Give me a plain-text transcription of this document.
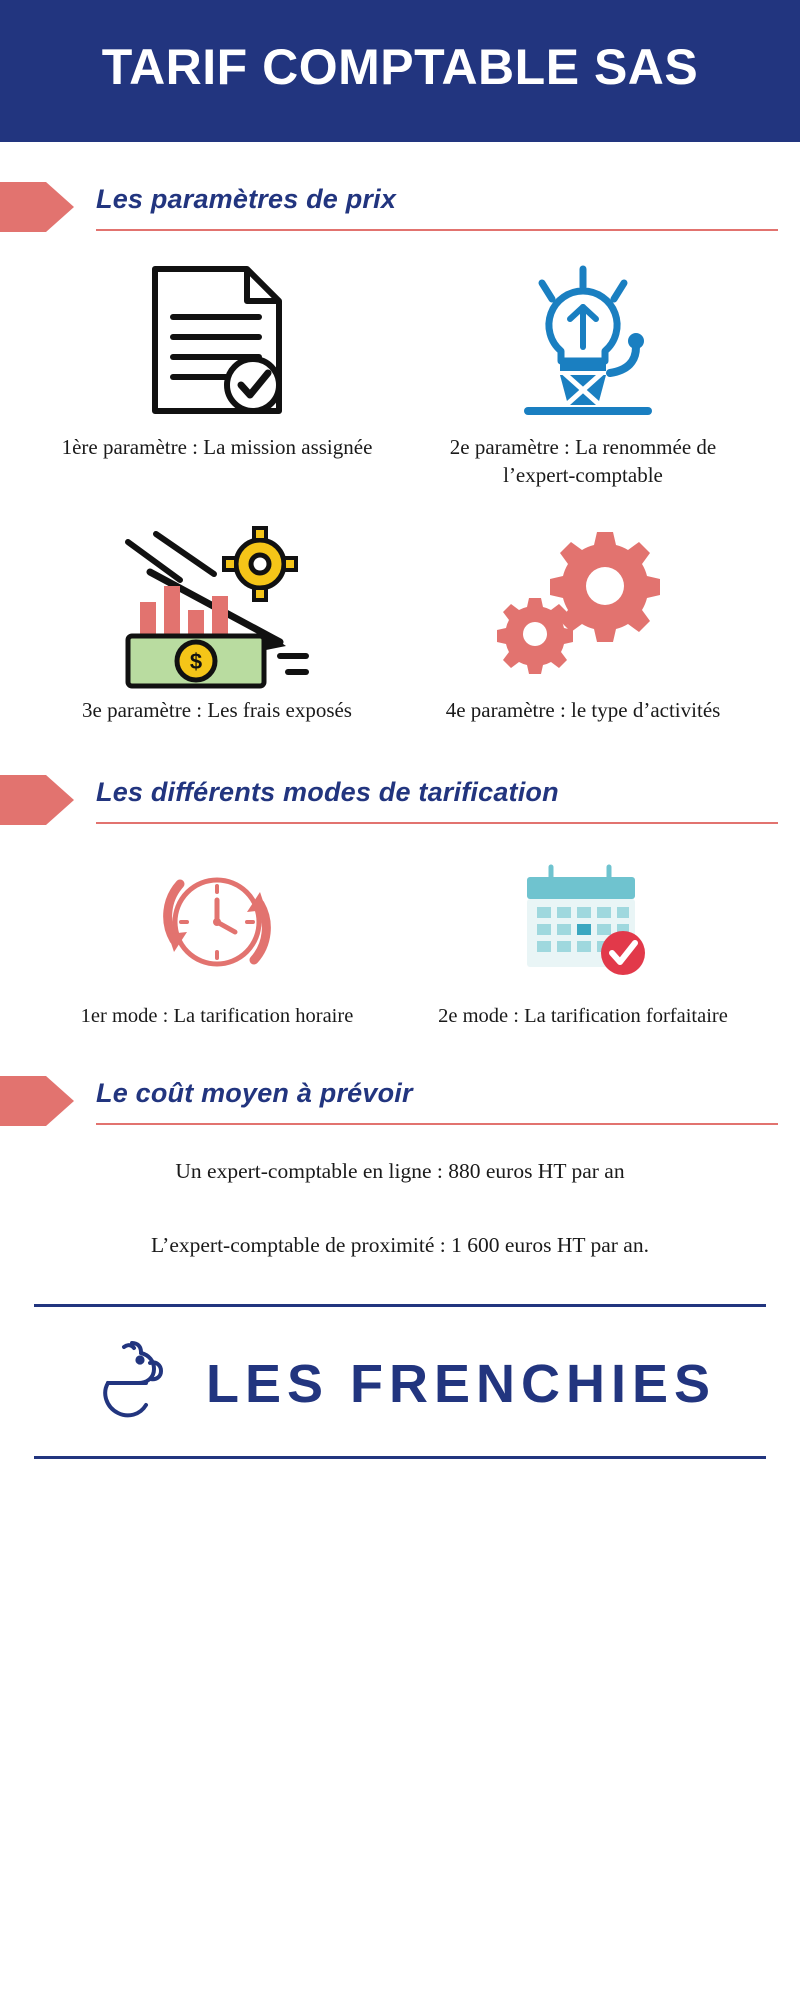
TARIF COMPTABLE SAS
Les paramètres de prix
1ère paramètre : La mission assignée	2e paramètre : La renommée de l’expert-comptable
$
3e paramètre : Les frais exposés	4e paramètre : le type d’activités
Les différents modes de tarification
1er mode : La tarification horaire	2e mode : La tarification forfaitaire
Le coût moyen à prévoir

Un expert-comptable en ligne : 880 euros HT par an

L’expert-comptable de proximité : 1 600 euros HT par an.

LES FRENCHIES
